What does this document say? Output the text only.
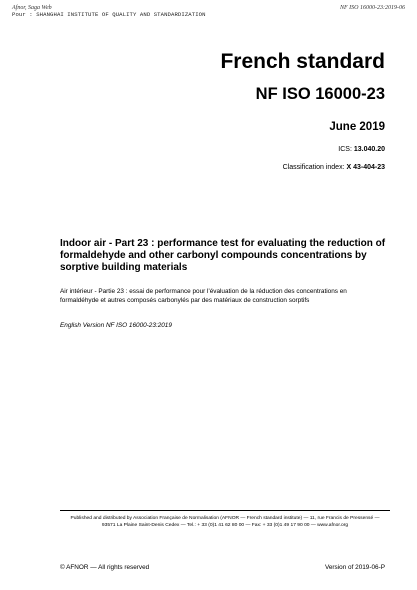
Afnor, Saga Web
Pour : SHANGHAI INSTITUTE OF QUALITY AND STANDARDIZATION
NF ISO 16000-23:2019-06
French standard
NF ISO 16000-23
June 2019
ICS: 13.040.20
Classification index: X 43-404-23
Indoor air - Part 23 : performance test for evaluating the reduction of formaldehyde and other carbonyl compounds concentrations by sorptive building materials
Air intérieur - Partie 23 : essai de performance pour l'évaluation de la réduction des concentrations en formaldéhyde et autres composés carbonylés par des matériaux de construction sorptifs
English Version NF ISO 16000-23:2019
Published and distributed by Association Française de Normalisation (AFNOR — French standard institute) — 11, rue Francis de Pressensé —
93571 La Plaine Saint-Denis Cedex — Tel.: + 33 (0)1 41 62 80 00 — Fax: + 33 (0)1 49 17 90 00 — www.afnor.org
© AFNOR — All rights reserved	Version of 2019-06-P
